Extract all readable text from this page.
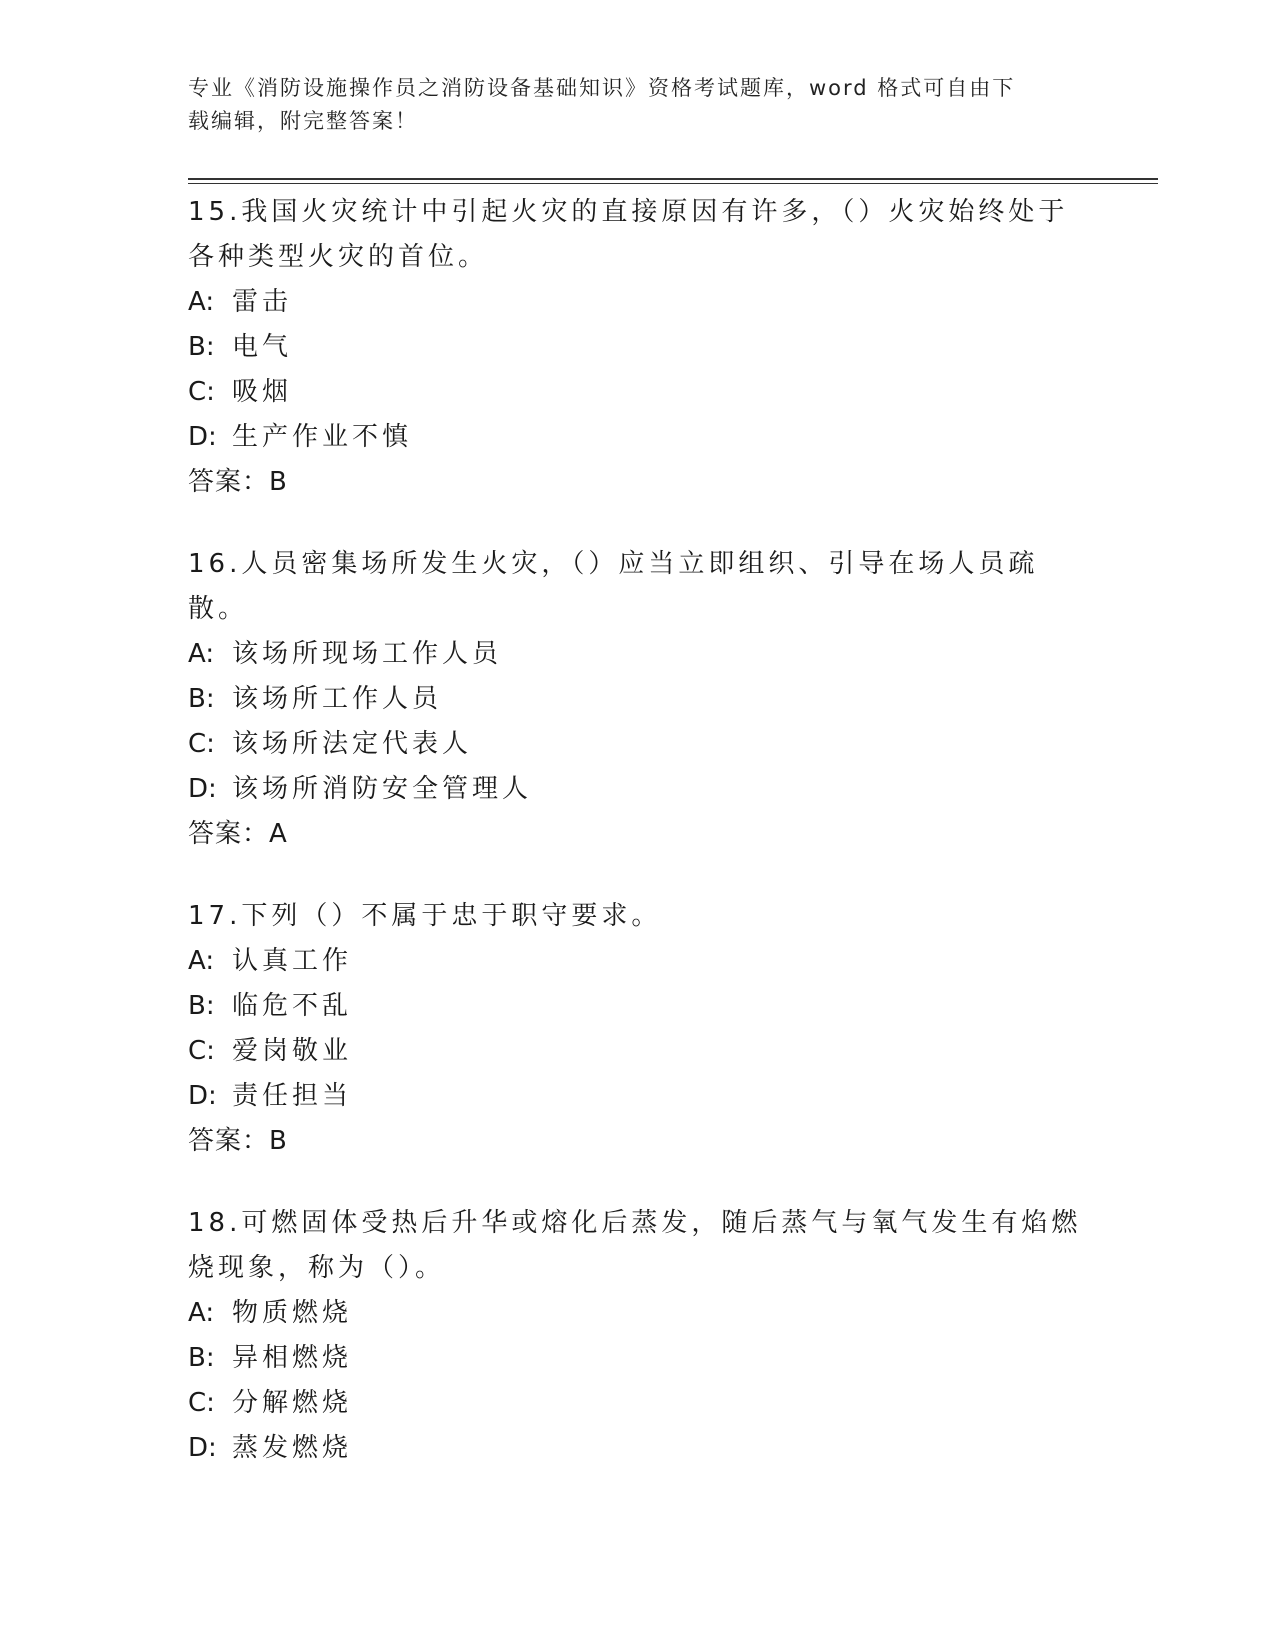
专业《消防设施操作员之消防设备基础知识》资格考试题库，word 格式可自由下
载编辑，附完整答案！

15.我国火灾统计中引起火灾的直接原因有许多，（）火灾始终处于各种类型火灾的首位。

A: 雷击

B: 电气

C: 吸烟

D: 生产作业不慎

答案：B

16.人员密集场所发生火灾，（）应当立即组织、引导在场人员疏散。

A: 该场所现场工作人员

B: 该场所工作人员

C: 该场所法定代表人

D: 该场所消防安全管理人

答案：A

17.下列（）不属于忠于职守要求。

A: 认真工作

B: 临危不乱

C: 爱岗敬业

D: 责任担当

答案：B

18.可燃固体受热后升华或熔化后蒸发，随后蒸气与氧气发生有焰燃烧现象，称为（）。

A: 物质燃烧

B: 异相燃烧

C: 分解燃烧

D: 蒸发燃烧
